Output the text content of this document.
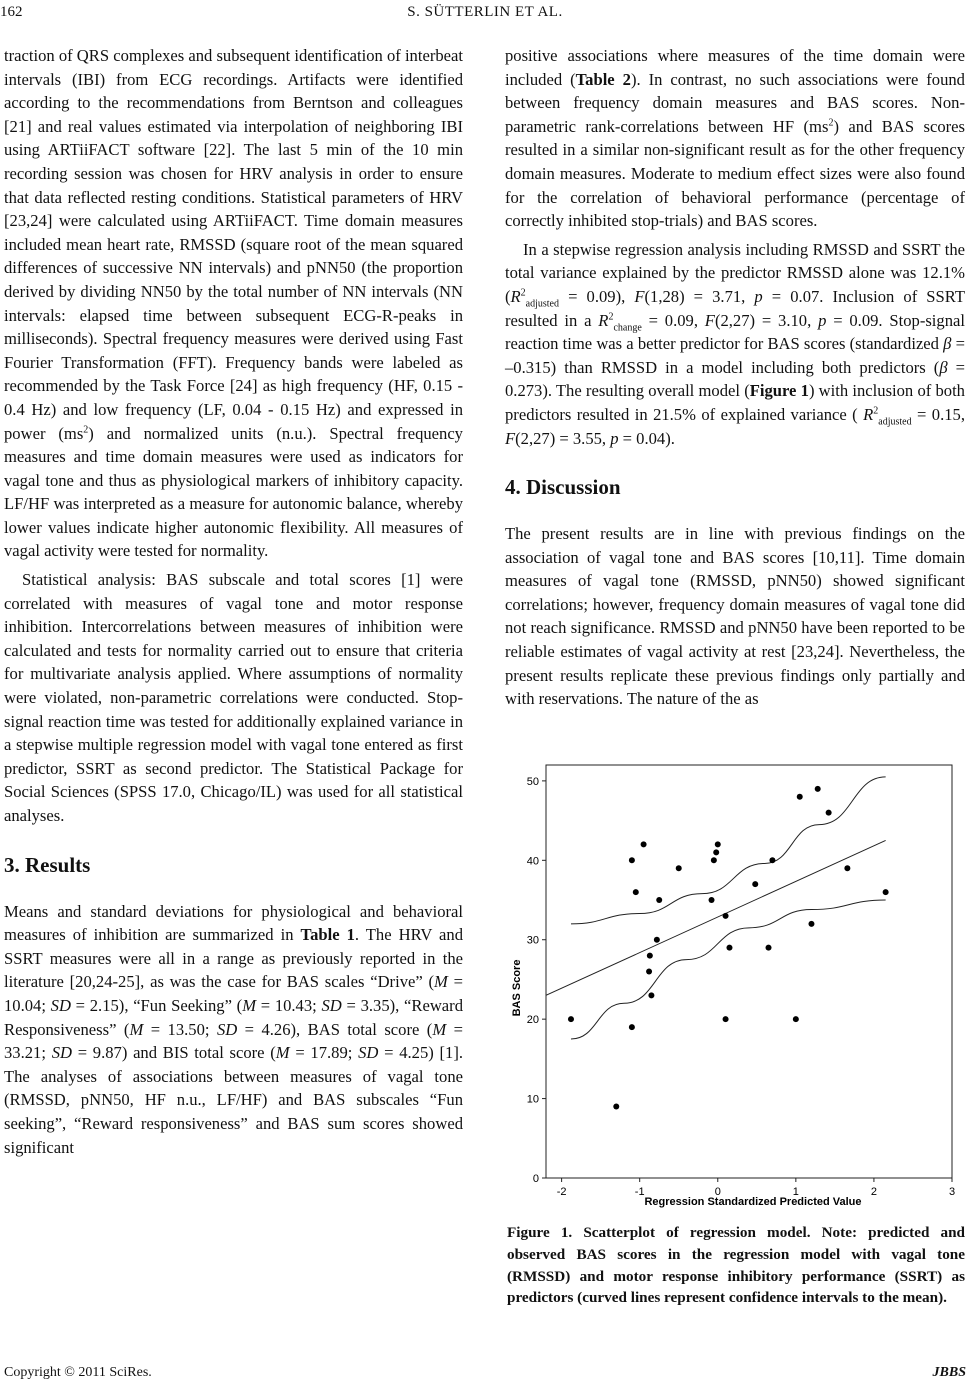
162	S. SÜTTERLIN ET AL.

traction of QRS complexes and subsequent identification of interbeat intervals (IBI) from ECG recordings. Artifacts were identified according to the recommendations from Berntson and colleagues [21] and real values estimated via interpolation of neighboring IBI using ARTiiFACT software [22]. The last 5 min of the 10 min recording session was chosen for HRV analysis in order to ensure that data reflected resting conditions. Statistical parameters of HRV [23,24] were calculated using ARTiiFACT. Time domain measures included mean heart rate, RMSSD (square root of the mean squared differences of successive NN intervals) and pNN50 (the proportion derived by dividing NN50 by the total number of NN intervals (NN intervals: elapsed time between subsequent ECG-R-peaks in milliseconds). Spectral frequency measures were derived using Fast Fourier Transformation (FFT). Frequency bands were labeled as recommended by the Task Force [24] as high frequency (HF, 0.15 - 0.4 Hz) and low frequency (LF, 0.04 - 0.15 Hz) and expressed in power $(ms^2)$ and normalized units (n.u.). Spectral frequency measures and time domain measures were used as indicators for vagal tone and thus as physiological markers of inhibitory capacity. LF/HF was interpreted as a measure for autonomic balance, whereby lower values indicate higher autonomic flexibility. All measures of vagal activity were tested for normality.

Statistical analysis: BAS subscale and total scores [1] were correlated with measures of vagal tone and motor response inhibition. Intercorrelations between measures of inhibition were calculated and tests for normality carried out to ensure that criteria for multivariate analysis applied. Where assumptions of normality were violated, non-parametric correlations were conducted. Stop-signal reaction time was tested for additionally explained variance in a stepwise multiple regression model with vagal tone entered as first predictor, SSRT as second predictor. The Statistical Package for Social Sciences (SPSS 17.0, Chicago/IL) was used for all statistical analyses.

3. Results

Means and standard deviations for physiological and behavioral measures of inhibition are summarized in Table 1. The HRV and SSRT measures were all in a range as previously reported in the literature [20,24-25], as was the case for BAS scales “Drive” (M = 10.04; SD = 2.15), “Fun Seeking” (M = 10.43; SD = 3.35), “Reward Responsiveness” (M = 13.50; SD = 4.26), BAS total score (M = 33.21; SD = 9.87) and BIS total score (M = 17.89; SD = 4.25) [1]. The analyses of associations between measures of vagal tone (RMSSD, pNN50, HF n.u., LF/HF) and BAS subscales “Fun seeking”, “Reward responsiveness” and BAS sum scores showed significant

positive associations where measures of the time domain were included (Table 2). In contrast, no such associations were found between frequency domain measures and BAS scores. Non-parametric rank-correlations between HF $(ms^2)$ and BAS scores resulted in a similar non-significant result as for the other frequency domain measures. Moderate to medium effect sizes were also found for the correlation of behavioral performance (percentage of correctly inhibited stop-trials) and BAS scores.

In a stepwise regression analysis including RMSSD and SSRT the total variance explained by the predictor RMSSD alone was 12.1% $(R^2_{adjusted} = 0.09)$, F(1,28) = 3.71, p = 0.07. Inclusion of SSRT resulted in a $R^2_{change} = 0.09$, F(2,27) = 3.10, p = 0.09. Stop-signal reaction time was a better predictor for BAS scores (standardized β = –0.315) than RMSSD in a model including both predictors (β = 0.273). The resulting overall model (Figure 1) with inclusion of both predictors resulted in 21.5% of explained variance ( $R^2_{adjusted} = 0.15$, F(2,27) = 3.55, p = 0.04).

4. Discussion

The present results are in line with previous findings on the association of vagal tone and BAS scores [10,11]. Time domain measures of vagal tone (RMSSD, pNN50) showed significant correlations; however, frequency domain measures of vagal tone did not reach significance. RMSSD and pNN50 have been reported to be reliable estimates of vagal activity at rest [23,24]. Nevertheless, the present results replicate these previous findings only partially and with reservations. The nature of the as

0
10
20
30
40
50
-2	-1	0	1	2	3
BAS Score
Regression Standardized Predicted Value
Figure 1. Scatterplot of regression model. Note: predicted and observed BAS scores in the regression model with vagal tone (RMSSD) and motor response inhibitory performance (SSRT) as predictors (curved lines represent confidence intervals to the mean).
Copyright © 2011 SciRes.	JBBS
